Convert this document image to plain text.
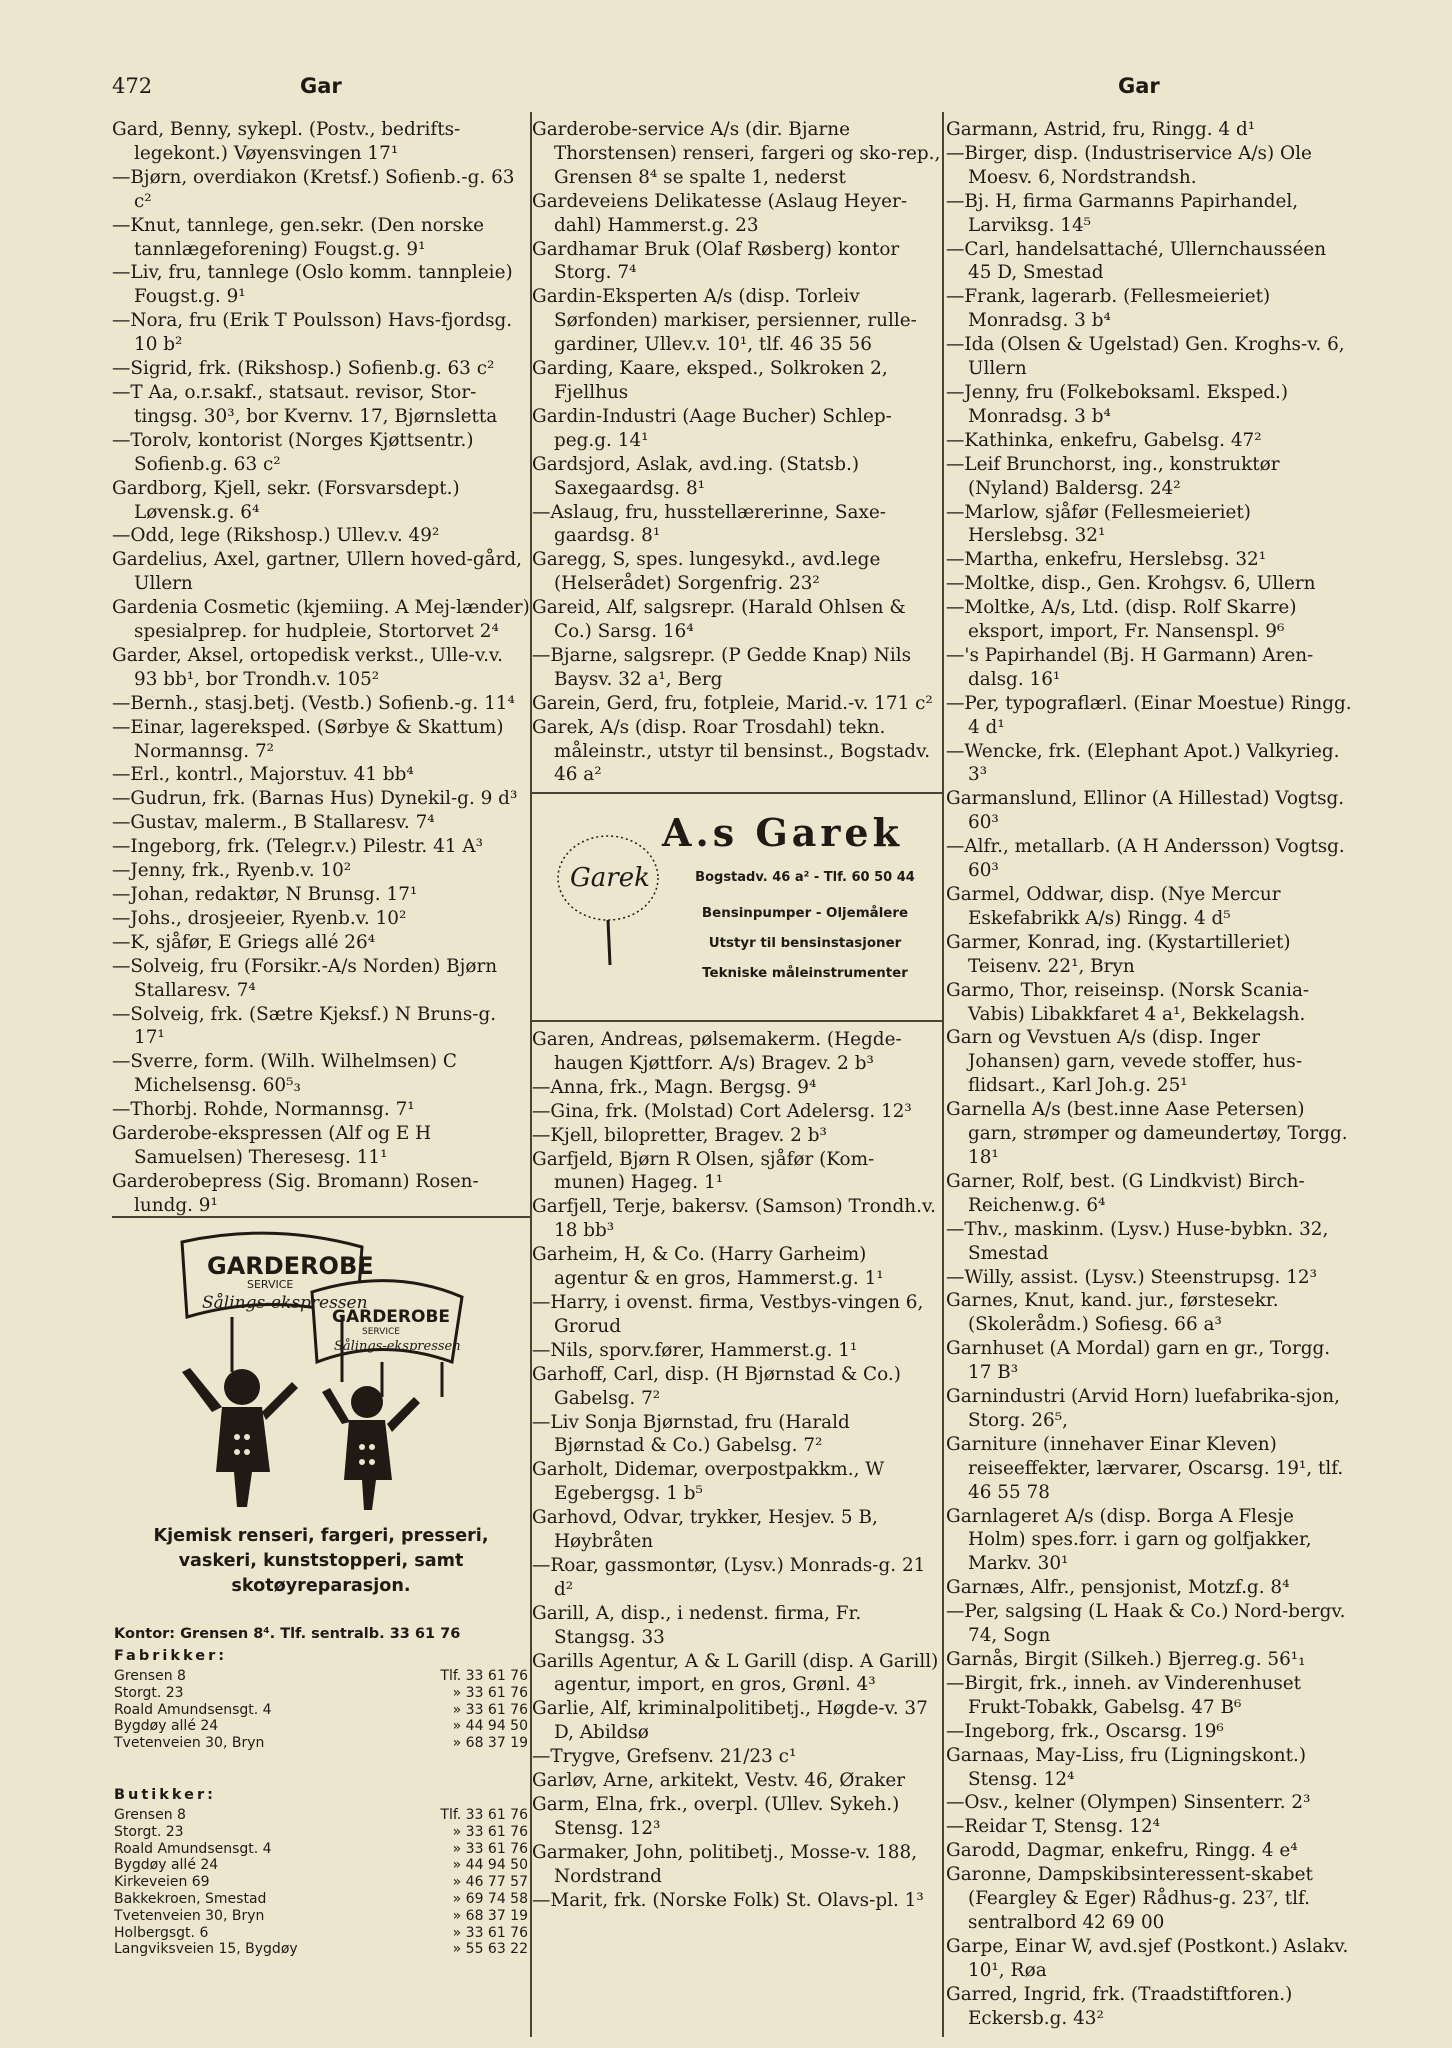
472	Gar	Gar

Gard, Benny, sykepl. (Postv., bedrifts-legekont.) Vøyensvingen 17¹

—Bjørn, overdiakon (Kretsf.) Sofienb.-g. 63 c²

—Knut, tannlege, gen.sekr. (Den norske tannlægeforening) Fougst.g. 9¹

—Liv, fru, tannlege (Oslo komm. tannpleie) Fougst.g. 9¹

—Nora, fru (Erik T Poulsson) Havs-fjordsg. 10 b²

—Sigrid, frk. (Rikshosp.) Sofienb.g. 63 c²

—T Aa, o.r.sakf., statsaut. revisor, Stor-tingsg. 30³, bor Kvernv. 17, Bjørnsletta

—Torolv, kontorist (Norges Kjøttsentr.) Sofienb.g. 63 c²

Gardborg, Kjell, sekr. (Forsvarsdept.) Løvensk.g. 6⁴

—Odd, lege (Rikshosp.) Ullev.v. 49²

Gardelius, Axel, gartner, Ullern hoved-gård, Ullern

Gardenia Cosmetic (kjemiing. A Mej-lænder) spesialprep. for hudpleie, Stortorvet 2⁴

Garder, Aksel, ortopedisk verkst., Ulle-v.v. 93 bb¹, bor Trondh.v. 105²

—Bernh., stasj.betj. (Vestb.) Sofienb.-g. 11⁴

—Einar, lagereksped. (Sørbye & Skattum) Normannsg. 7²

—Erl., kontrl., Majorstuv. 41 bb⁴

—Gudrun, frk. (Barnas Hus) Dynekil-g. 9 d³

—Gustav, malerm., B Stallaresv. 7⁴

—Ingeborg, frk. (Telegr.v.) Pilestr. 41 A³

—Jenny, frk., Ryenb.v. 10²

—Johan, redaktør, N Brunsg. 17¹

—Johs., drosjeeier, Ryenb.v. 10²

—K, sjåfør, E Griegs allé 26⁴

—Solveig, fru (Forsikr.-A/s Norden) Bjørn Stallaresv. 7⁴

—Solveig, frk. (Sætre Kjeksf.) N Bruns-g. 17¹

—Sverre, form. (Wilh. Wilhelmsen) C Michelsensg. 60⁵₃

—Thorbj. Rohde, Normannsg. 7¹

Garderobe-ekspressen (Alf og E H Samuelsen) Theresesg. 11¹

Garderobepress (Sig. Bromann) Rosen-lundg. 9¹

Garderobe-service A/s (dir. Bjarne Thorstensen) renseri, fargeri og sko-rep., Grensen 8⁴ se spalte 1, nederst

Gardeveiens Delikatesse (Aslaug Heyer-dahl) Hammerst.g. 23

Gardhamar Bruk (Olaf Røsberg) kontor Storg. 7⁴

Gardin-Eksperten A/s (disp. Torleiv Sørfonden) markiser, persienner, rulle-gardiner, Ullev.v. 10¹, tlf. 46 35 56

Garding, Kaare, eksped., Solkroken 2, Fjellhus

Gardin-Industri (Aage Bucher) Schlep-peg.g. 14¹

Gardsjord, Aslak, avd.ing. (Statsb.) Saxegaardsg. 8¹

—Aslaug, fru, husstellærerinne, Saxe-gaardsg. 8¹

Garegg, S, spes. lungesykd., avd.lege (Helserådet) Sorgenfrig. 23²

Gareid, Alf, salgsrepr. (Harald Ohlsen & Co.) Sarsg. 16⁴

—Bjarne, salgsrepr. (P Gedde Knap) Nils Baysv. 32 a¹, Berg

Garein, Gerd, fru, fotpleie, Marid.-v. 171 c²

Garek, A/s (disp. Roar Trosdahl) tekn. måleinstr., utstyr til bensinst., Bogstadv. 46 a²

Garen, Andreas, pølsemakerm. (Hegde-haugen Kjøttforr. A/s) Bragev. 2 b³

—Anna, frk., Magn. Bergsg. 9⁴

—Gina, frk. (Molstad) Cort Adelersg. 12³

—Kjell, bilopretter, Bragev. 2 b³

Garfjeld, Bjørn R Olsen, sjåfør (Kom-munen) Hageg. 1¹

Garfjell, Terje, bakersv. (Samson) Trondh.v. 18 bb³

Garheim, H, & Co. (Harry Garheim) agentur & en gros, Hammerst.g. 1¹

—Harry, i ovenst. firma, Vestbys-vingen 6, Grorud

—Nils, sporv.fører, Hammerst.g. 1¹

Garhoff, Carl, disp. (H Bjørnstad & Co.) Gabelsg. 7²

—Liv Sonja Bjørnstad, fru (Harald Bjørnstad & Co.) Gabelsg. 7²

Garholt, Didemar, overpostpakkm., W Egebergsg. 1 b⁵

Garhovd, Odvar, trykker, Hesjev. 5 B, Høybråten

—Roar, gassmontør, (Lysv.) Monrads-g. 21 d²

Garill, A, disp., i nedenst. firma, Fr. Stangsg. 33

Garills Agentur, A & L Garill (disp. A Garill) agentur, import, en gros, Grønl. 4³

Garlie, Alf, kriminalpolitibetj., Høgde-v. 37 D, Abildsø

—Trygve, Grefsenv. 21/23 c¹

Garløv, Arne, arkitekt, Vestv. 46, Øraker

Garm, Elna, frk., overpl. (Ullev. Sykeh.) Stensg. 12³

Garmaker, John, politibetj., Mosse-v. 188, Nordstrand

—Marit, frk. (Norske Folk) St. Olavs-pl. 1³

Garmann, Astrid, fru, Ringg. 4 d¹

—Birger, disp. (Industriservice A/s) Ole Moesv. 6, Nordstrandsh.

—Bj. H, firma Garmanns Papirhandel, Larviksg. 14⁵

—Carl, handelsattaché, Ullernchausséen 45 D, Smestad

—Frank, lagerarb. (Fellesmeieriet) Monradsg. 3 b⁴

—Ida (Olsen & Ugelstad) Gen. Kroghs-v. 6, Ullern

—Jenny, fru (Folkeboksaml. Eksped.) Monradsg. 3 b⁴

—Kathinka, enkefru, Gabelsg. 47²

—Leif Brunchorst, ing., konstruktør (Nyland) Baldersg. 24²

—Marlow, sjåfør (Fellesmeieriet) Herslebsg. 32¹

—Martha, enkefru, Herslebsg. 32¹

—Moltke, disp., Gen. Krohgsv. 6, Ullern

—Moltke, A/s, Ltd. (disp. Rolf Skarre) eksport, import, Fr. Nansenspl. 9⁶

—'s Papirhandel (Bj. H Garmann) Aren-dalsg. 16¹

—Per, typograflærl. (Einar Moestue) Ringg. 4 d¹

—Wencke, frk. (Elephant Apot.) Valkyrieg. 3³

Garmanslund, Ellinor (A Hillestad) Vogtsg. 60³

—Alfr., metallarb. (A H Andersson) Vogtsg. 60³

Garmel, Oddwar, disp. (Nye Mercur Eskefabrikk A/s) Ringg. 4 d⁵

Garmer, Konrad, ing. (Kystartilleriet) Teisenv. 22¹, Bryn

Garmo, Thor, reiseinsp. (Norsk Scania-Vabis) Libakkfaret 4 a¹, Bekkelagsh.

Garn og Vevstuen A/s (disp. Inger Johansen) garn, vevede stoffer, hus-flidsart., Karl Joh.g. 25¹

Garnella A/s (best.inne Aase Petersen) garn, strømper og dameundertøy, Torgg. 18¹

Garner, Rolf, best. (G Lindkvist) Birch-Reichenw.g. 6⁴

—Thv., maskinm. (Lysv.) Huse-bybkn. 32, Smestad

—Willy, assist. (Lysv.) Steenstrupsg. 12³

Garnes, Knut, kand. jur., førstesekr. (Skolerådm.) Sofiesg. 66 a³

Garnhuset (A Mordal) garn en gr., Torgg. 17 B³

Garnindustri (Arvid Horn) luefabrika-sjon, Storg. 26⁵,

Garniture (innehaver Einar Kleven) reiseeffekter, lærvarer, Oscarsg. 19¹, tlf. 46 55 78

Garnlageret A/s (disp. Borga A Flesje Holm) spes.forr. i garn og golfjakker, Markv. 30¹

Garnæs, Alfr., pensjonist, Motzf.g. 8⁴

—Per, salgsing (L Haak & Co.) Nord-bergv. 74, Sogn

Garnås, Birgit (Silkeh.) Bjerreg.g. 56¹₁

—Birgit, frk., inneh. av Vinderenhuset Frukt-Tobakk, Gabelsg. 47 B⁶

—Ingeborg, frk., Oscarsg. 19⁶

Garnaas, May-Liss, fru (Ligningskont.) Stensg. 12⁴

—Osv., kelner (Olympen) Sinsenterr. 2³

—Reidar T, Stensg. 12⁴

Garodd, Dagmar, enkefru, Ringg. 4 e⁴

Garonne, Dampskibsinteressent-skabet (Feargley & Eger) Rådhus-g. 23⁷, tlf. sentralbord 42 69 00

Garpe, Einar W, avd.sjef (Postkont.) Aslakv. 10¹, Røa

Garred, Ingrid, frk. (Traadstiftforen.) Eckersb.g. 43²

GARDEROBE
SERVICE
Sålings-ekspressen
GARDEROBE
SERVICE
Sålings-ekspressen
Kjemisk renseri, fargeri, presseri, vaskeri, kunststopperi, samt skotøyreparasjon.
Kontor: Grensen 8⁴. Tlf. sentralb. 33 61 76
Fabrikker:
Grensen 8	Tlf. 33 61 76
Storgt. 23	» 33 61 76
Roald Amundsensgt. 4	» 33 61 76
Bygdøy allé 24	» 44 94 50
Tvetenveien 30, Bryn	» 68 37 19
Butikker:
Grensen 8	Tlf. 33 61 76
Storgt. 23	» 33 61 76
Roald Amundsensgt. 4	» 33 61 76
Bygdøy allé 24	» 44 94 50
Kirkeveien 69	» 46 77 57
Bakkekroen, Smestad	» 69 74 58
Tvetenveien 30, Bryn	» 68 37 19
Holbergsgt. 6	» 33 61 76
Langviksveien 15, Bygdøy	» 55 63 22
Garek
A.s Garek
Bogstadv. 46 a² - Tlf. 60 50 44
Bensinpumper - Oljemålere
Utstyr til bensinstasjoner
Tekniske måleinstrumenter
